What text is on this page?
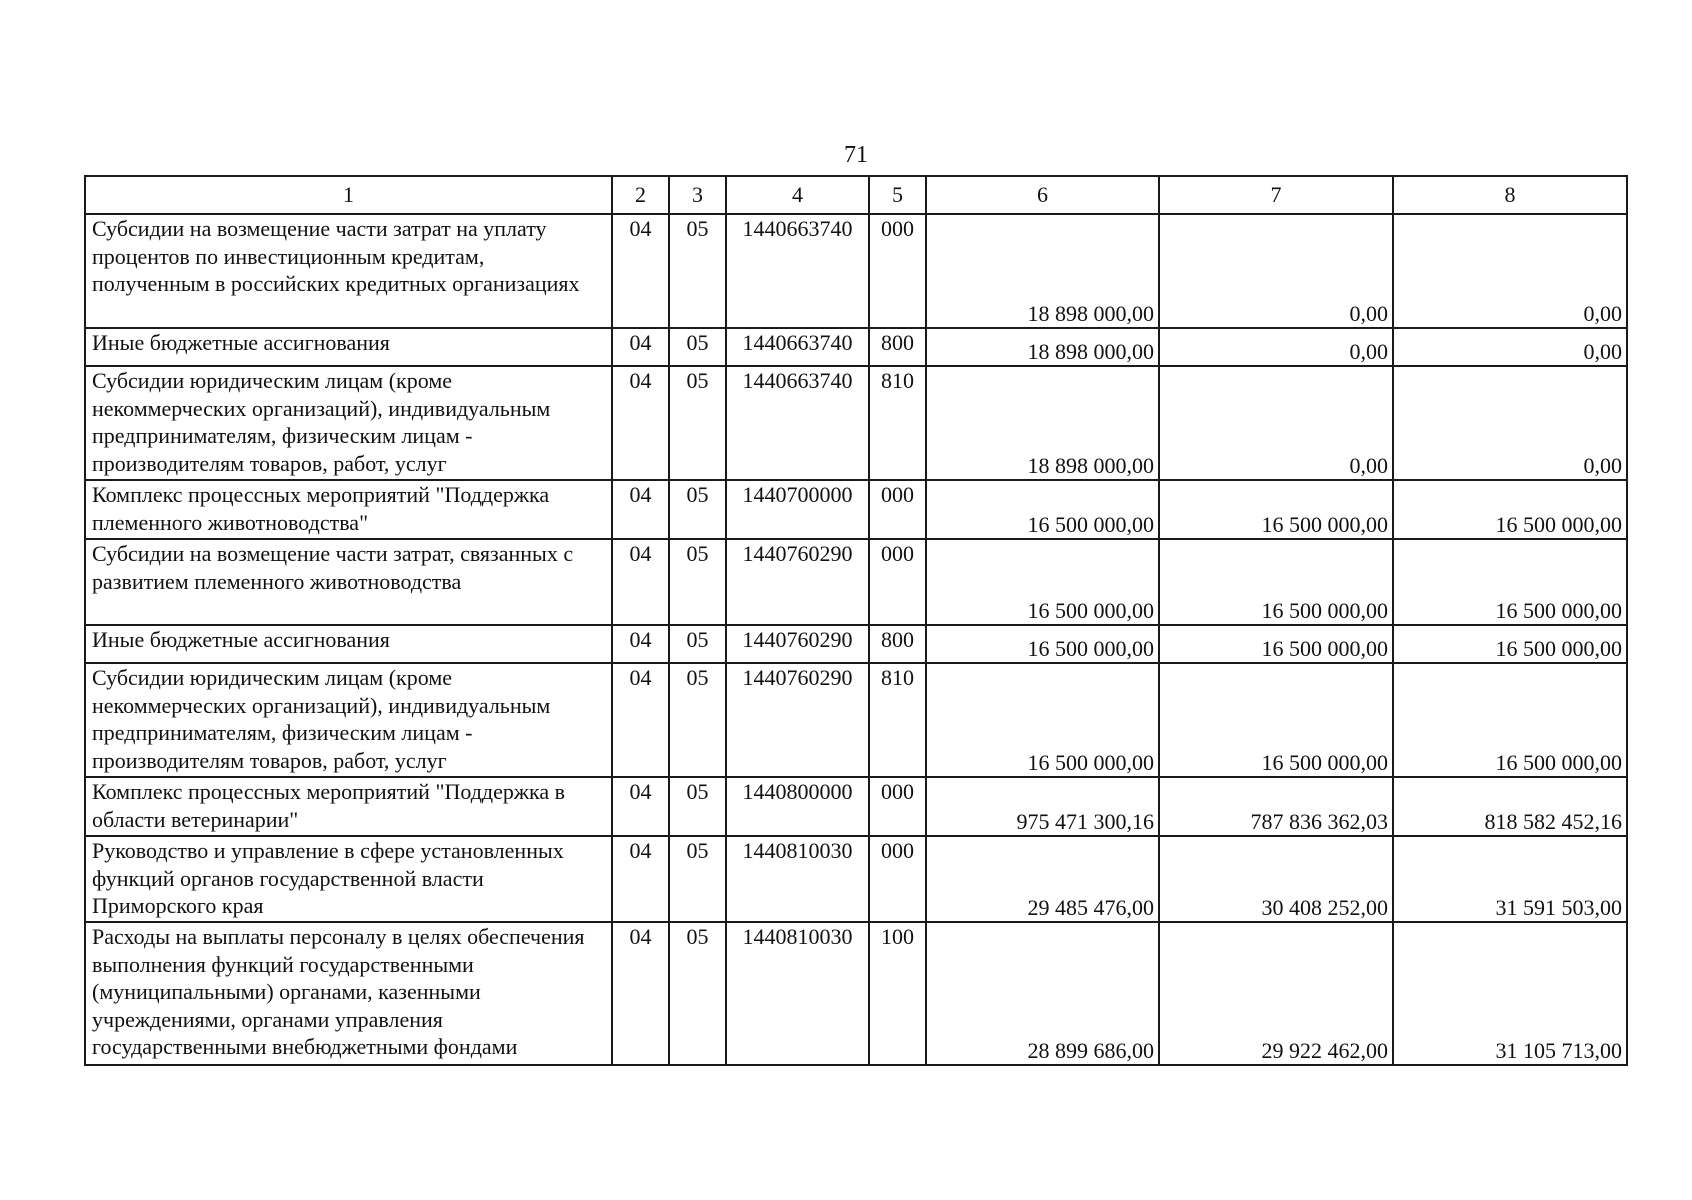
71
1	2	3	4	5	6	7	8
Субсидии на возмещение части затрат на уплату процентов по инвестиционным кредитам, полученным в российских кредитных организациях	04	05	1440663740	000	18 898 000,00	0,00	0,00
Иные бюджетные ассигнования	04	05	1440663740	800	18 898 000,00	0,00	0,00
Субсидии юридическим лицам (кроме некоммерческих организаций), индивидуальным предпринимателям, физическим лицам - производителям товаров, работ, услуг	04	05	1440663740	810	18 898 000,00	0,00	0,00
Комплекс процессных мероприятий "Поддержка племенного животноводства"	04	05	1440700000	000	16 500 000,00	16 500 000,00	16 500 000,00
Субсидии на возмещение части затрат, связанных с развитием племенного животноводства	04	05	1440760290	000	16 500 000,00	16 500 000,00	16 500 000,00
Иные бюджетные ассигнования	04	05	1440760290	800	16 500 000,00	16 500 000,00	16 500 000,00
Субсидии юридическим лицам (кроме некоммерческих организаций), индивидуальным предпринимателям, физическим лицам - производителям товаров, работ, услуг	04	05	1440760290	810	16 500 000,00	16 500 000,00	16 500 000,00
Комплекс процессных мероприятий "Поддержка в области ветеринарии"	04	05	1440800000	000	975 471 300,16	787 836 362,03	818 582 452,16
Руководство и управление в сфере установленных функций органов государственной власти Приморского края	04	05	1440810030	000	29 485 476,00	30 408 252,00	31 591 503,00
Расходы на выплаты персоналу в целях обеспечения выполнения функций государственными (муниципальными) органами, казенными учреждениями, органами управления государственными внебюджетными фондами	04	05	1440810030	100	28 899 686,00	29 922 462,00	31 105 713,00
